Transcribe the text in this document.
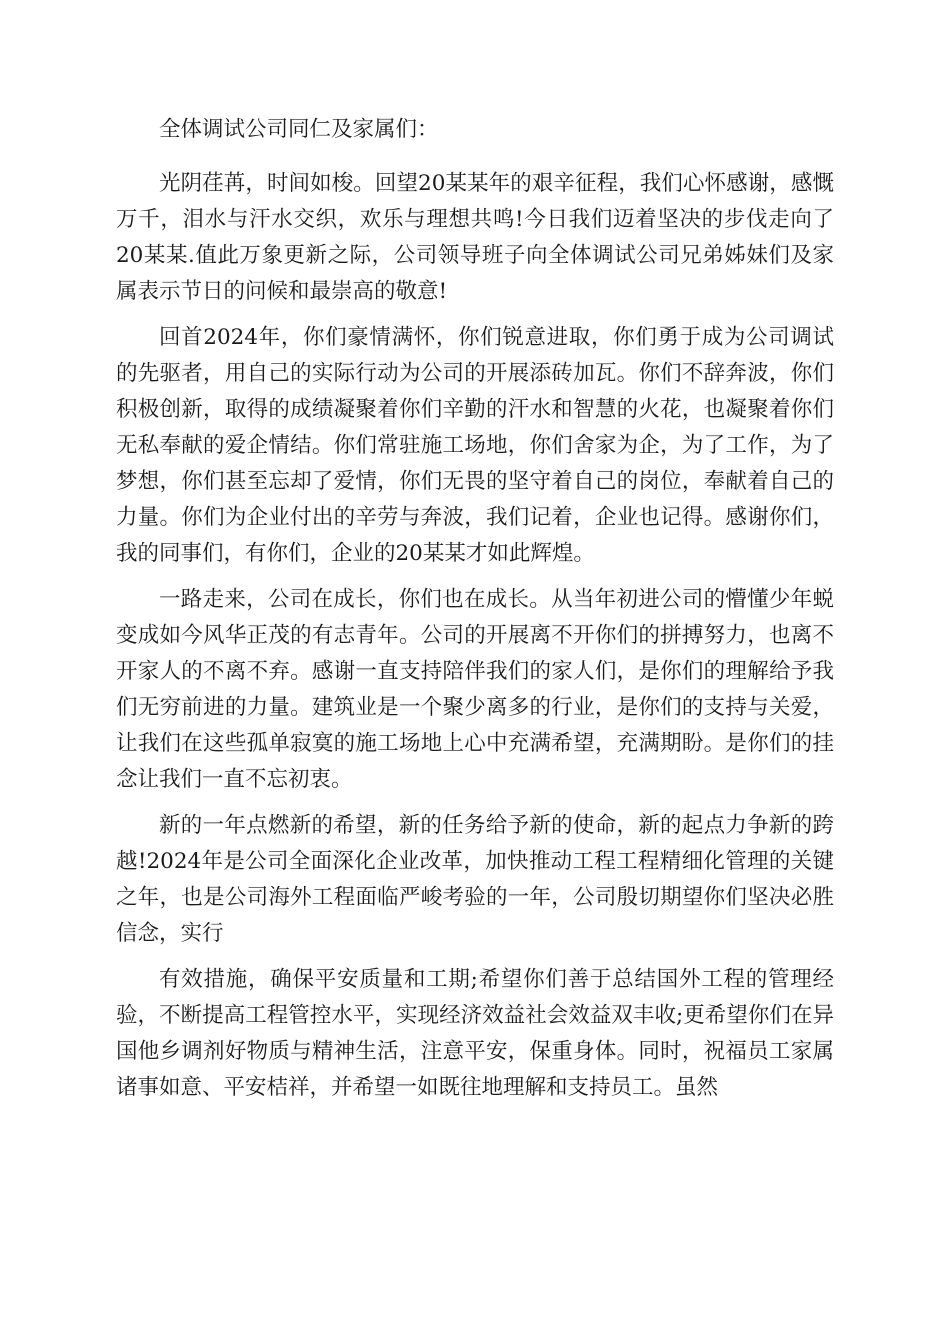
全体调试公司同仁及家属们：

光阴荏苒，时间如梭。回望20某某年的艰辛征程，我们心怀感谢，感慨万千，泪水与汗水交织，欢乐与理想共鸣!今日我们迈着坚决的步伐走向了20某某.值此万象更新之际，公司领导班子向全体调试公司兄弟姊妹们及家属表示节日的问候和最崇高的敬意!

回首2024年，你们豪情满怀，你们锐意进取，你们勇于成为公司调试的先驱者，用自己的实际行动为公司的开展添砖加瓦。你们不辞奔波，你们积极创新，取得的成绩凝聚着你们辛勤的汗水和智慧的火花，也凝聚着你们无私奉献的爱企情结。你们常驻施工场地，你们舍家为企，为了工作，为了梦想，你们甚至忘却了爱情，你们无畏的坚守着自己的岗位，奉献着自己的力量。你们为企业付出的辛劳与奔波，我们记着，企业也记得。感谢你们，我的同事们，有你们，企业的20某某才如此辉煌。

一路走来，公司在成长，你们也在成长。从当年初进公司的懵懂少年蜕变成如今风华正茂的有志青年。公司的开展离不开你们的拼搏努力，也离不开家人的不离不弃。感谢一直支持陪伴我们的家人们，是你们的理解给予我们无穷前进的力量。建筑业是一个聚少离多的行业，是你们的支持与关爱，让我们在这些孤单寂寞的施工场地上心中充满希望，充满期盼。是你们的挂念让我们一直不忘初衷。

新的一年点燃新的希望，新的任务给予新的使命，新的起点力争新的跨越!2024年是公司全面深化企业改革，加快推动工程工程精细化管理的关键之年，也是公司海外工程面临严峻考验的一年，公司殷切期望你们坚决必胜信念，实行

有效措施，确保平安质量和工期;希望你们善于总结国外工程的管理经验，不断提高工程管控水平，实现经济效益社会效益双丰收;更希望你们在异国他乡调剂好物质与精神生活，注意平安，保重身体。同时，祝福员工家属诸事如意、平安桔祥，并希望一如既往地理解和支持员工。虽然
